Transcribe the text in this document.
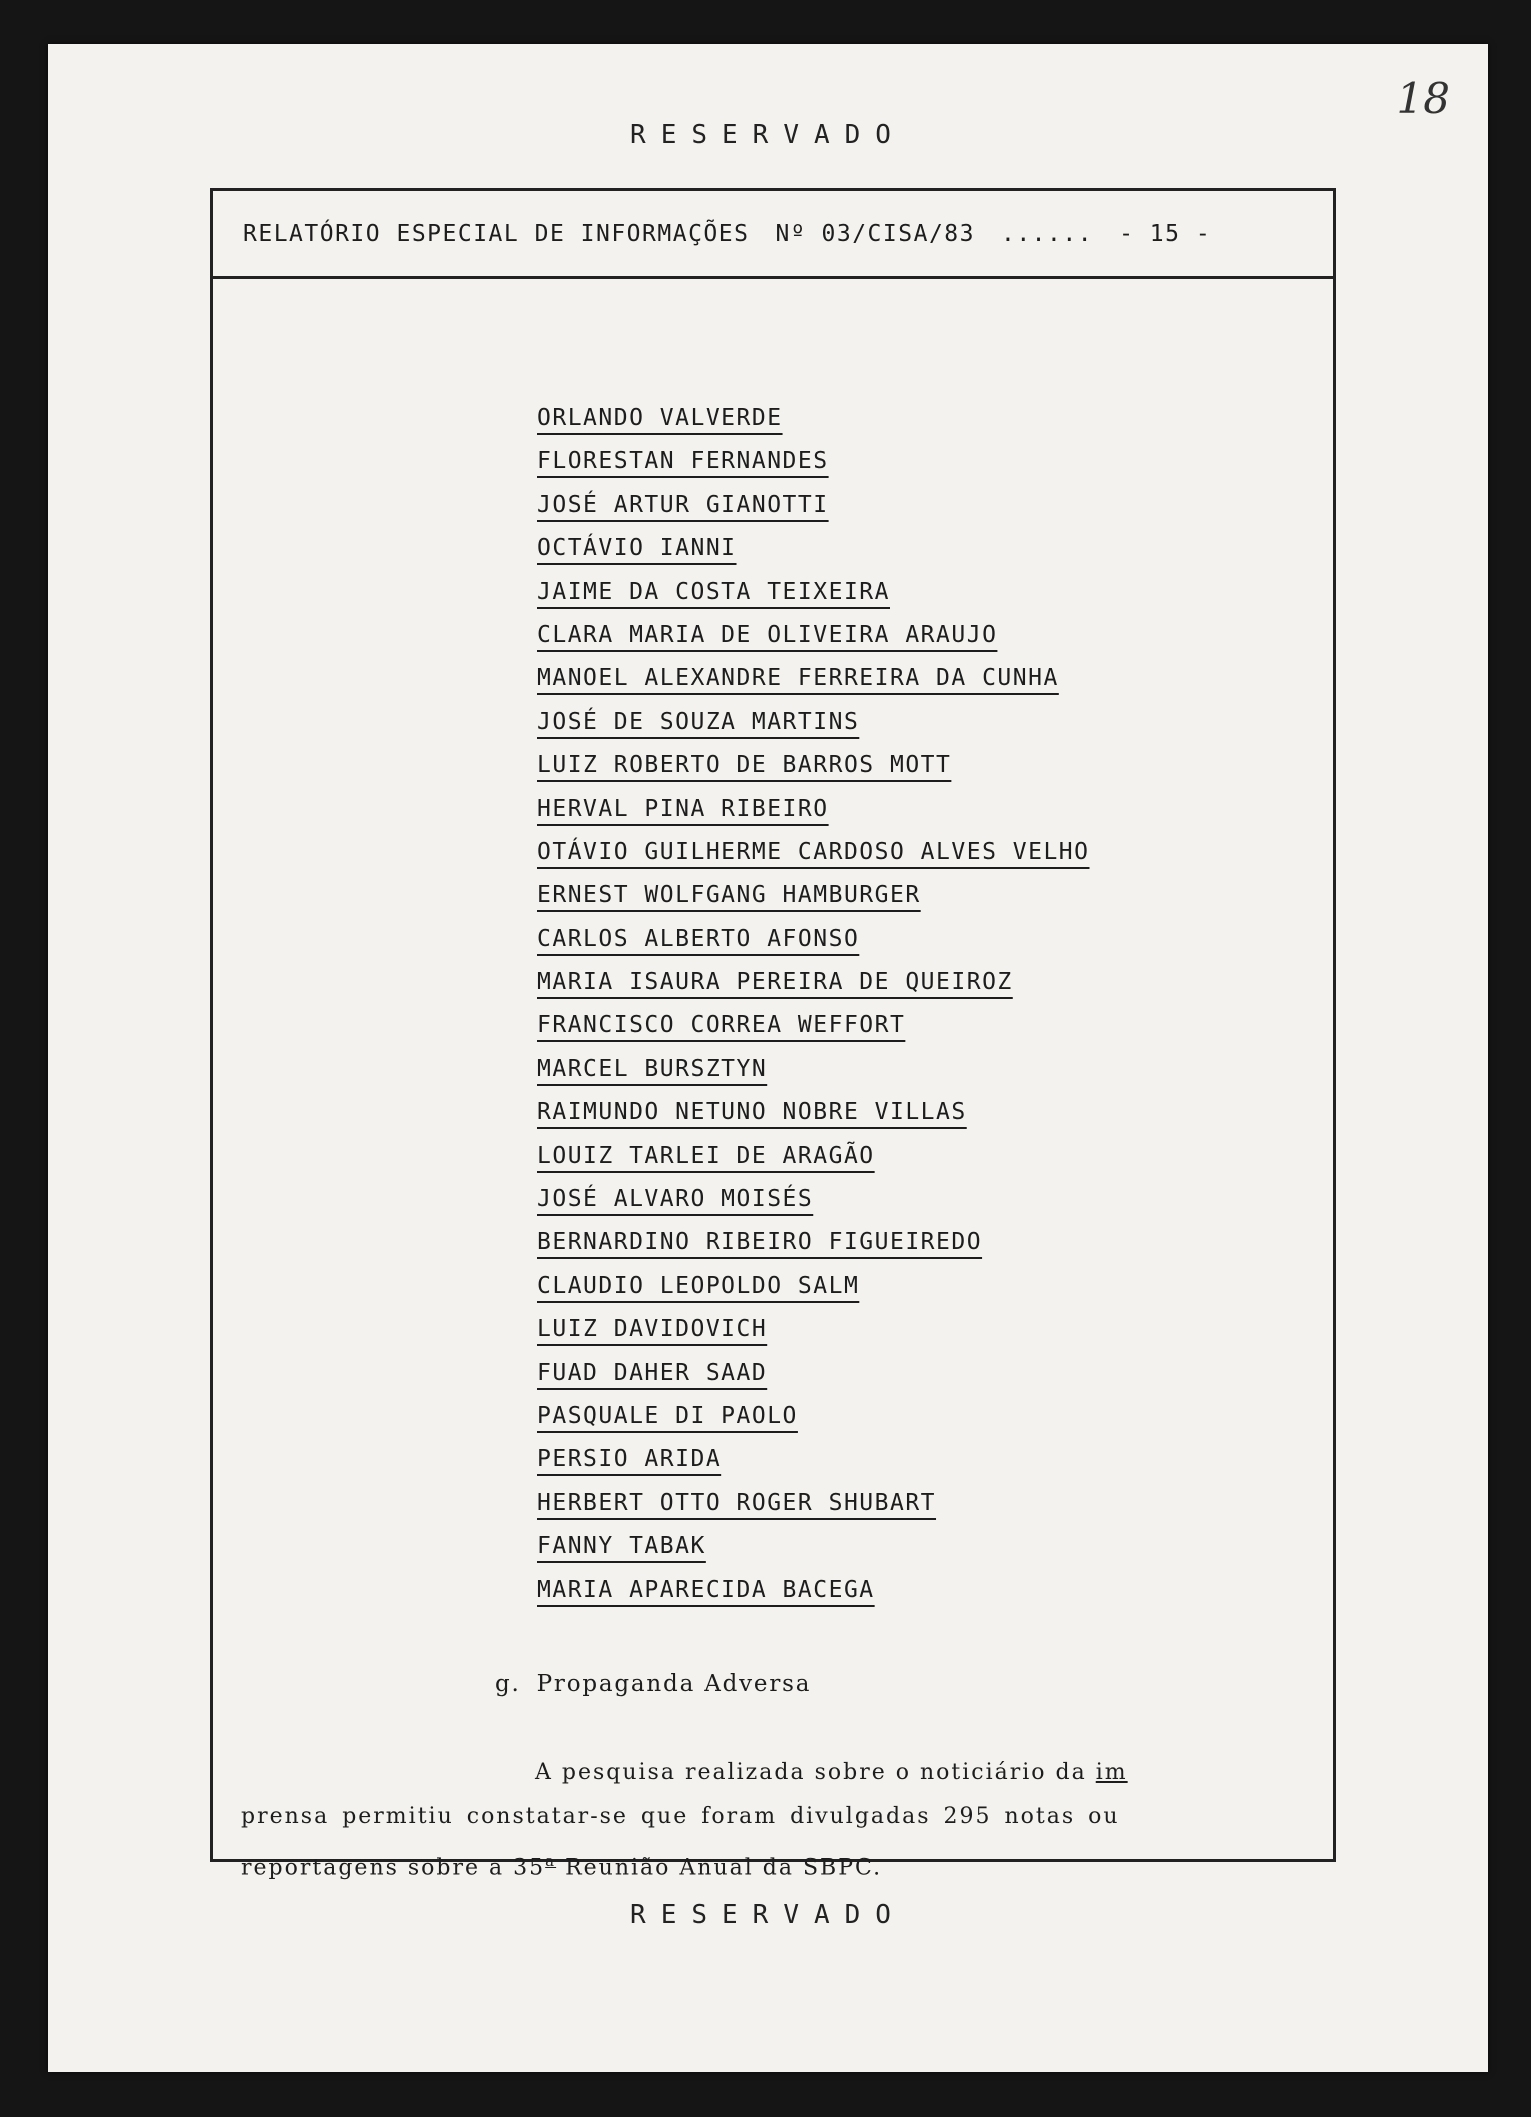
18
RESERVADO
RELATÓRIO ESPECIAL DE INFORMAÇÕES Nº 03/CISA/83 ...... - 15 -
ORLANDO VALVERDE
FLORESTAN FERNANDES
JOSÉ ARTUR GIANOTTI
OCTÁVIO IANNI
JAIME DA COSTA TEIXEIRA
CLARA MARIA DE OLIVEIRA ARAUJO
MANOEL ALEXANDRE FERREIRA DA CUNHA
JOSÉ DE SOUZA MARTINS
LUIZ ROBERTO DE BARROS MOTT
HERVAL PINA RIBEIRO
OTÁVIO GUILHERME CARDOSO ALVES VELHO
ERNEST WOLFGANG HAMBURGER
CARLOS ALBERTO AFONSO
MARIA ISAURA PEREIRA DE QUEIROZ
FRANCISCO CORREA WEFFORT
MARCEL BURSZTYN
RAIMUNDO NETUNO NOBRE VILLAS
LOUIZ TARLEI DE ARAGÃO
JOSÉ ALVARO MOISÉS
BERNARDINO RIBEIRO FIGUEIREDO
CLAUDIO LEOPOLDO SALM
LUIZ DAVIDOVICH
FUAD DAHER SAAD
PASQUALE DI PAOLO
PERSIO ARIDA
HERBERT OTTO ROGER SHUBART
FANNY TABAK
MARIA APARECIDA BACEGA
g. Propaganda Adversa
A pesquisa realizada sobre o noticiário da im
prensa permitiu constatar-se que foram divulgadas 295 notas ou
reportagens sobre a 35$^a$ Reunião Anual da SBPC.
RESERVADO
